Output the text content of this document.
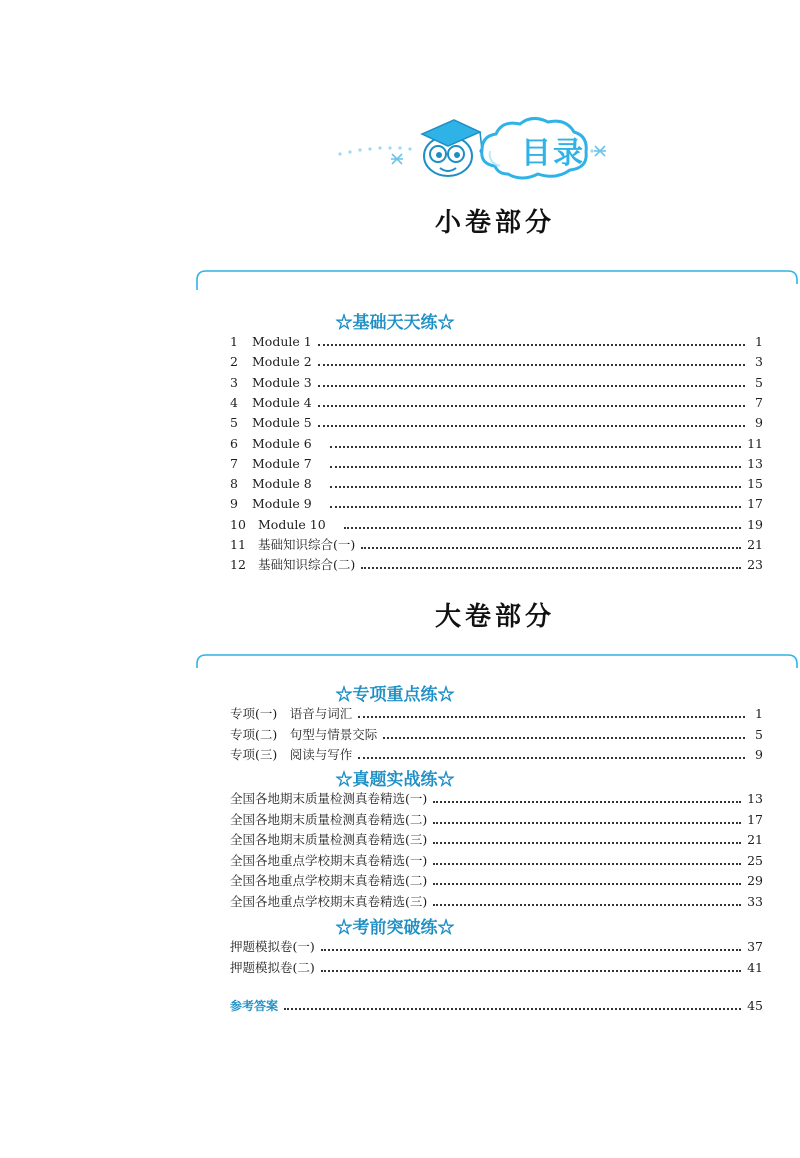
目录
小卷部分
☆基础天天练☆
1	Module 1	1
2	Module 2	3
3	Module 3	5
4	Module 4	7
5	Module 5	9
6	Module 6	11
7	Module 7	13
8	Module 8	15
9	Module 9	17
10 Module 10	19
11 基础知识综合(一)	21
12 基础知识综合(二)	23
大卷部分
☆专项重点练☆
专项(一)　语音与词汇	1
专项(二)　句型与情景交际	5
专项(三)　阅读与写作	9
☆真题实战练☆
全国各地期末质量检测真卷精选(一)	13
全国各地期末质量检测真卷精选(二)	17
全国各地期末质量检测真卷精选(三)	21
全国各地重点学校期末真卷精选(一)	25
全国各地重点学校期末真卷精选(二)	29
全国各地重点学校期末真卷精选(三)	33
☆考前突破练☆
押题模拟卷(一)	37
押题模拟卷(二)	41
参考答案	45
